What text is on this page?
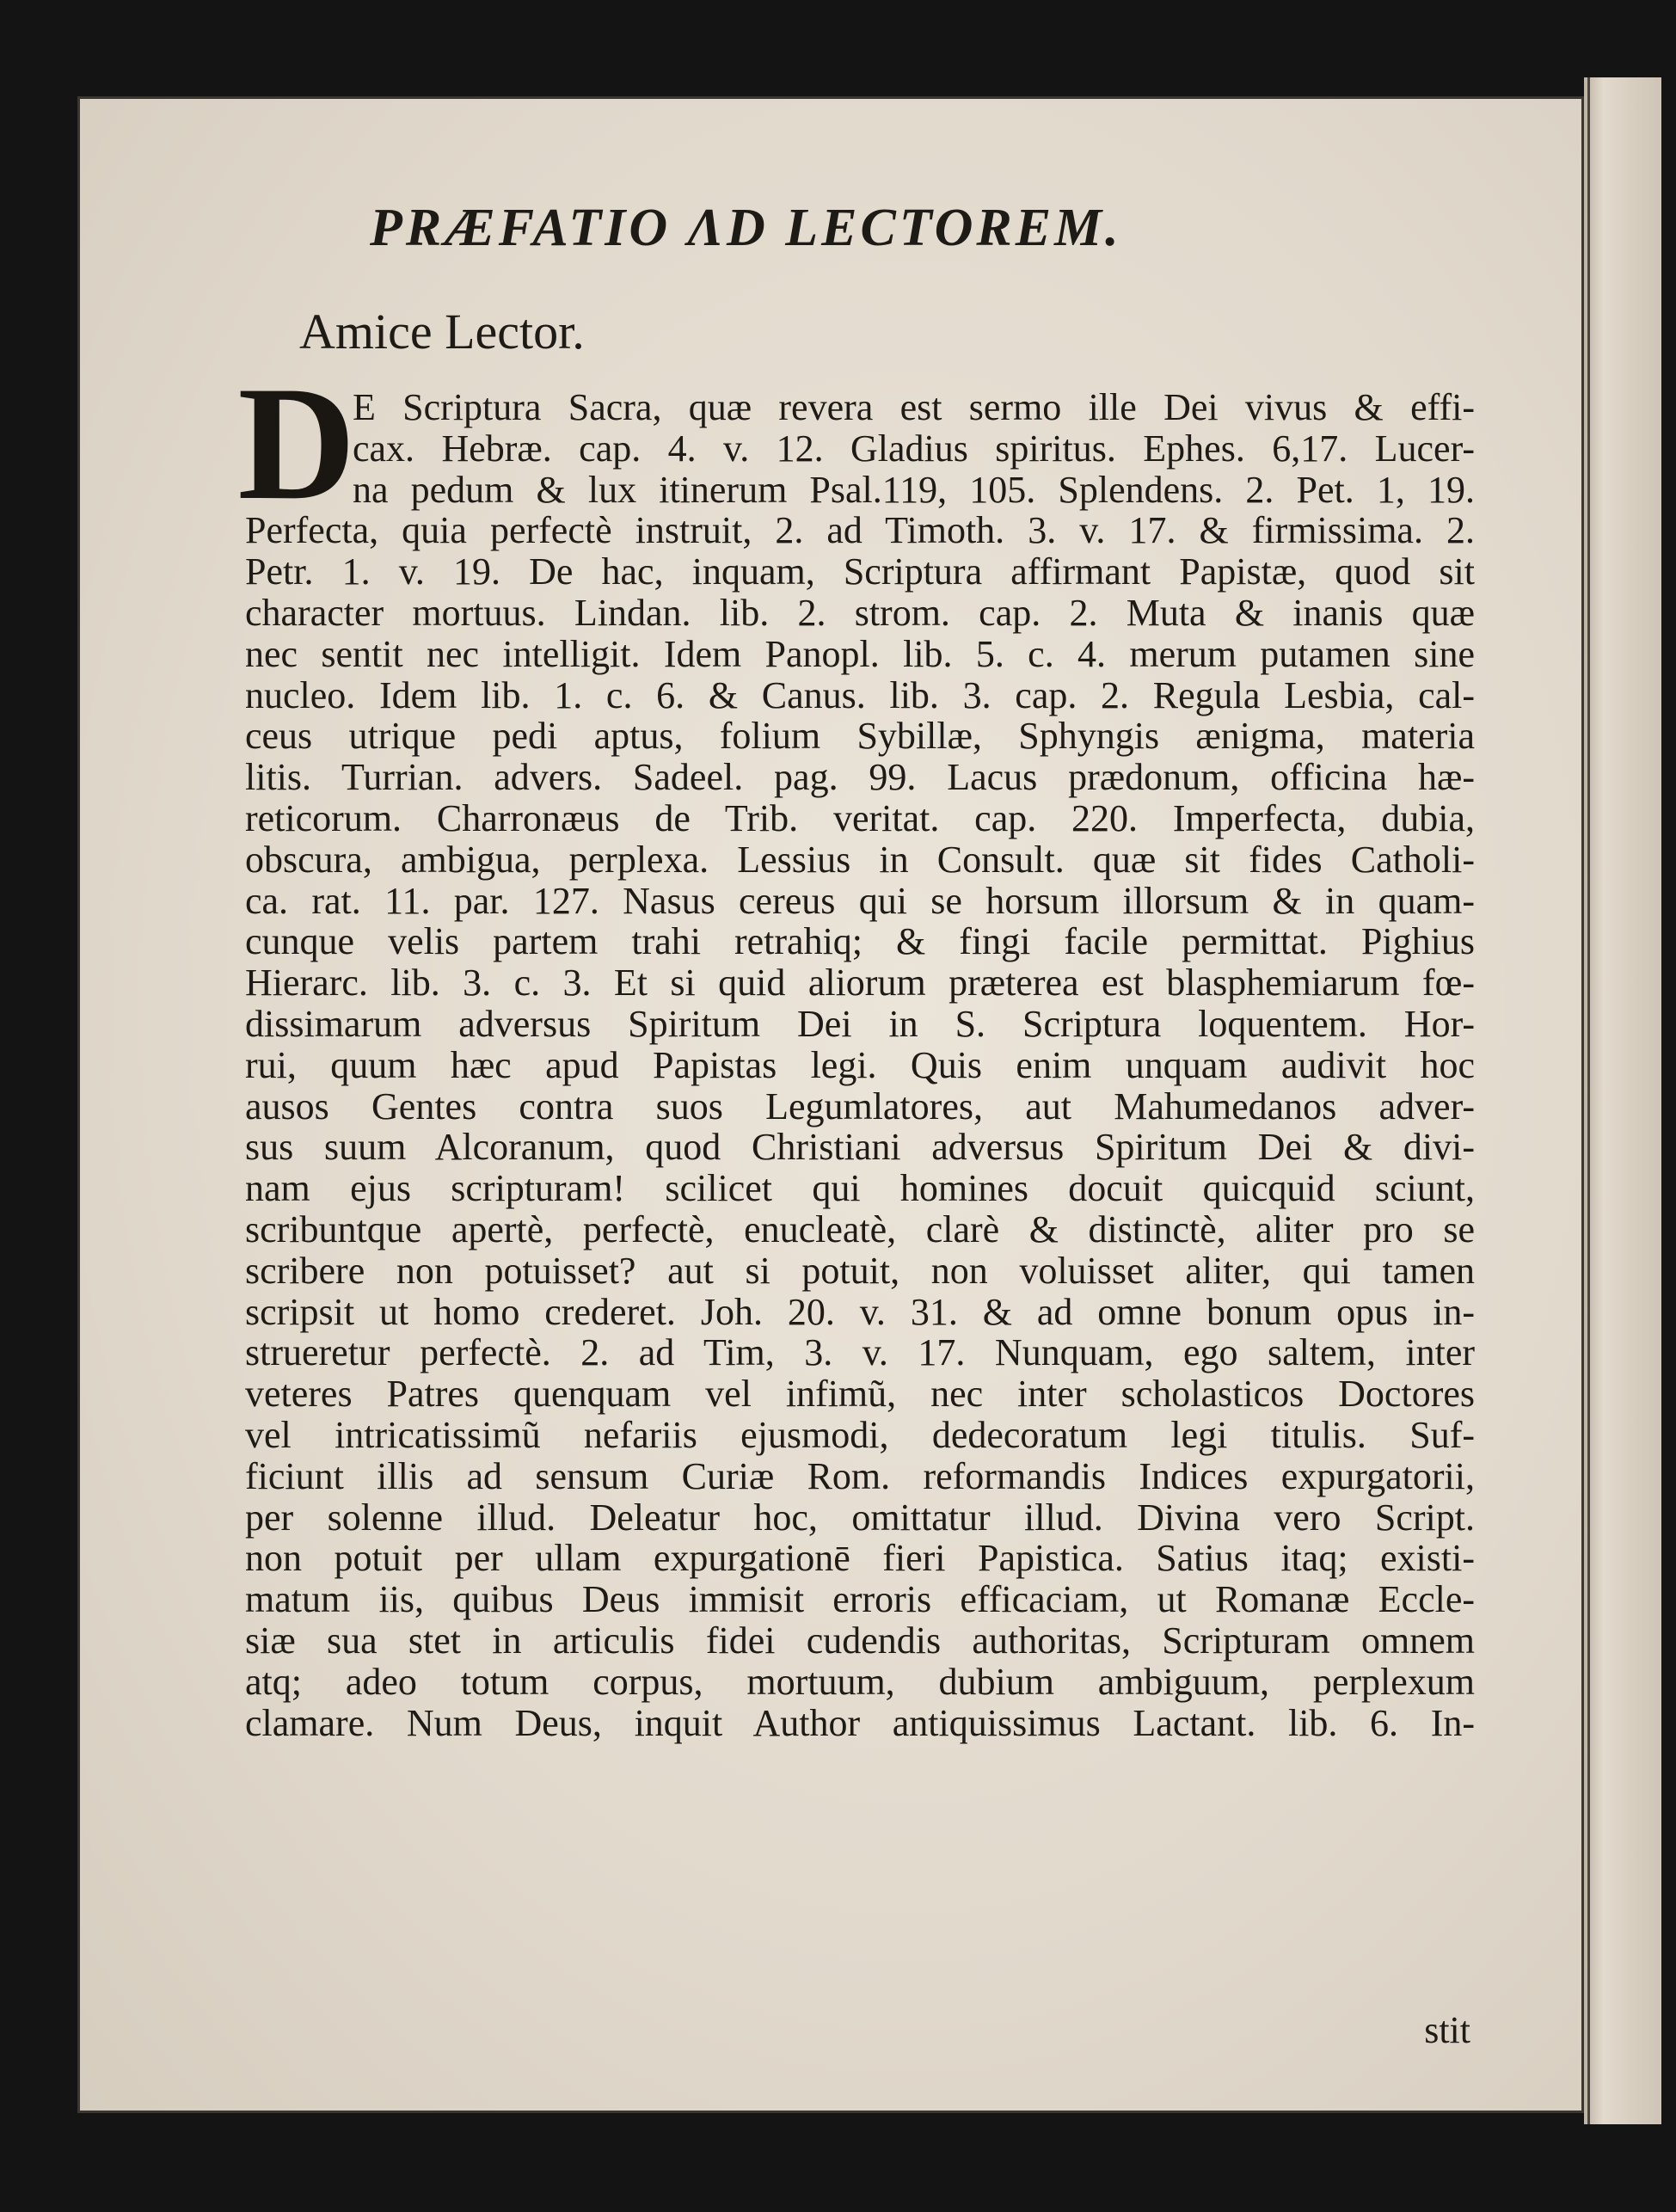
PRÆFATIO ΛD LECTOREM.
Amice Lector.
D
E Scriptura Sacra, quæ revera est sermo ille Dei vivus & effi-
cax. Hebræ. cap. 4. v. 12. Gladius spiritus. Ephes. 6,17. Lucer-
na pedum & lux itinerum Psal.119, 105. Splendens. 2. Pet. 1, 19.
Perfecta, quia perfectè instruit, 2. ad Timoth. 3. v. 17. & firmissima. 2.
Petr. 1. v. 19. De hac, inquam, Scriptura affirmant Papistæ, quod sit
character mortuus. Lindan. lib. 2. strom. cap. 2. Muta & inanis quæ
nec sentit nec intelligit. Idem Panopl. lib. 5. c. 4. merum putamen sine
nucleo. Idem lib. 1. c. 6. & Canus. lib. 3. cap. 2. Regula Lesbia, cal-
ceus utrique pedi aptus, folium Sybillæ, Sphyngis ænigma, materia
litis. Turrian. advers. Sadeel. pag. 99. Lacus prædonum, officina hæ-
reticorum. Charronæus de Trib. veritat. cap. 220. Imperfecta, dubia,
obscura, ambigua, perplexa. Lessius in Consult. quæ sit fides Catholi-
ca. rat. 11. par. 127. Nasus cereus qui se horsum illorsum & in quam-
cunque velis partem trahi retrahiq; & fingi facile permittat. Pighius
Hierarc. lib. 3. c. 3. Et si quid aliorum præterea est blasphemiarum fœ-
dissimarum adversus Spiritum Dei in S. Scriptura loquentem. Hor-
rui, quum hæc apud Papistas legi. Quis enim unquam audivit hoc
ausos Gentes contra suos Legumlatores, aut Mahumedanos adver-
sus suum Alcoranum, quod Christiani adversus Spiritum Dei & divi-
nam ejus scripturam! scilicet qui homines docuit quicquid sciunt,
scribuntque apertè, perfectè, enucleatè, clarè & distinctè, aliter pro se
scribere non potuisset? aut si potuit, non voluisset aliter, qui tamen
scripsit ut homo crederet. Joh. 20. v. 31. & ad omne bonum opus in-
strueretur perfectè. 2. ad Tim, 3. v. 17. Nunquam, ego saltem, inter
veteres Patres quenquam vel infimũ, nec inter scholasticos Doctores
vel intricatissimũ nefariis ejusmodi, dedecoratum legi titulis. Suf-
ficiunt illis ad sensum Curiæ Rom. reformandis Indices expurgatorii,
per solenne illud. Deleatur hoc, omittatur illud. Divina vero Script.
non potuit per ullam expurgationē fieri Papistica. Satius itaq; existi-
matum iis, quibus Deus immisit erroris efficaciam, ut Romanæ Eccle-
siæ sua stet in articulis fidei cudendis authoritas, Scripturam omnem
atq; adeo totum corpus, mortuum, dubium ambiguum, perplexum
clamare. Num Deus, inquit Author antiquissimus Lactant. lib. 6. In-
stit
